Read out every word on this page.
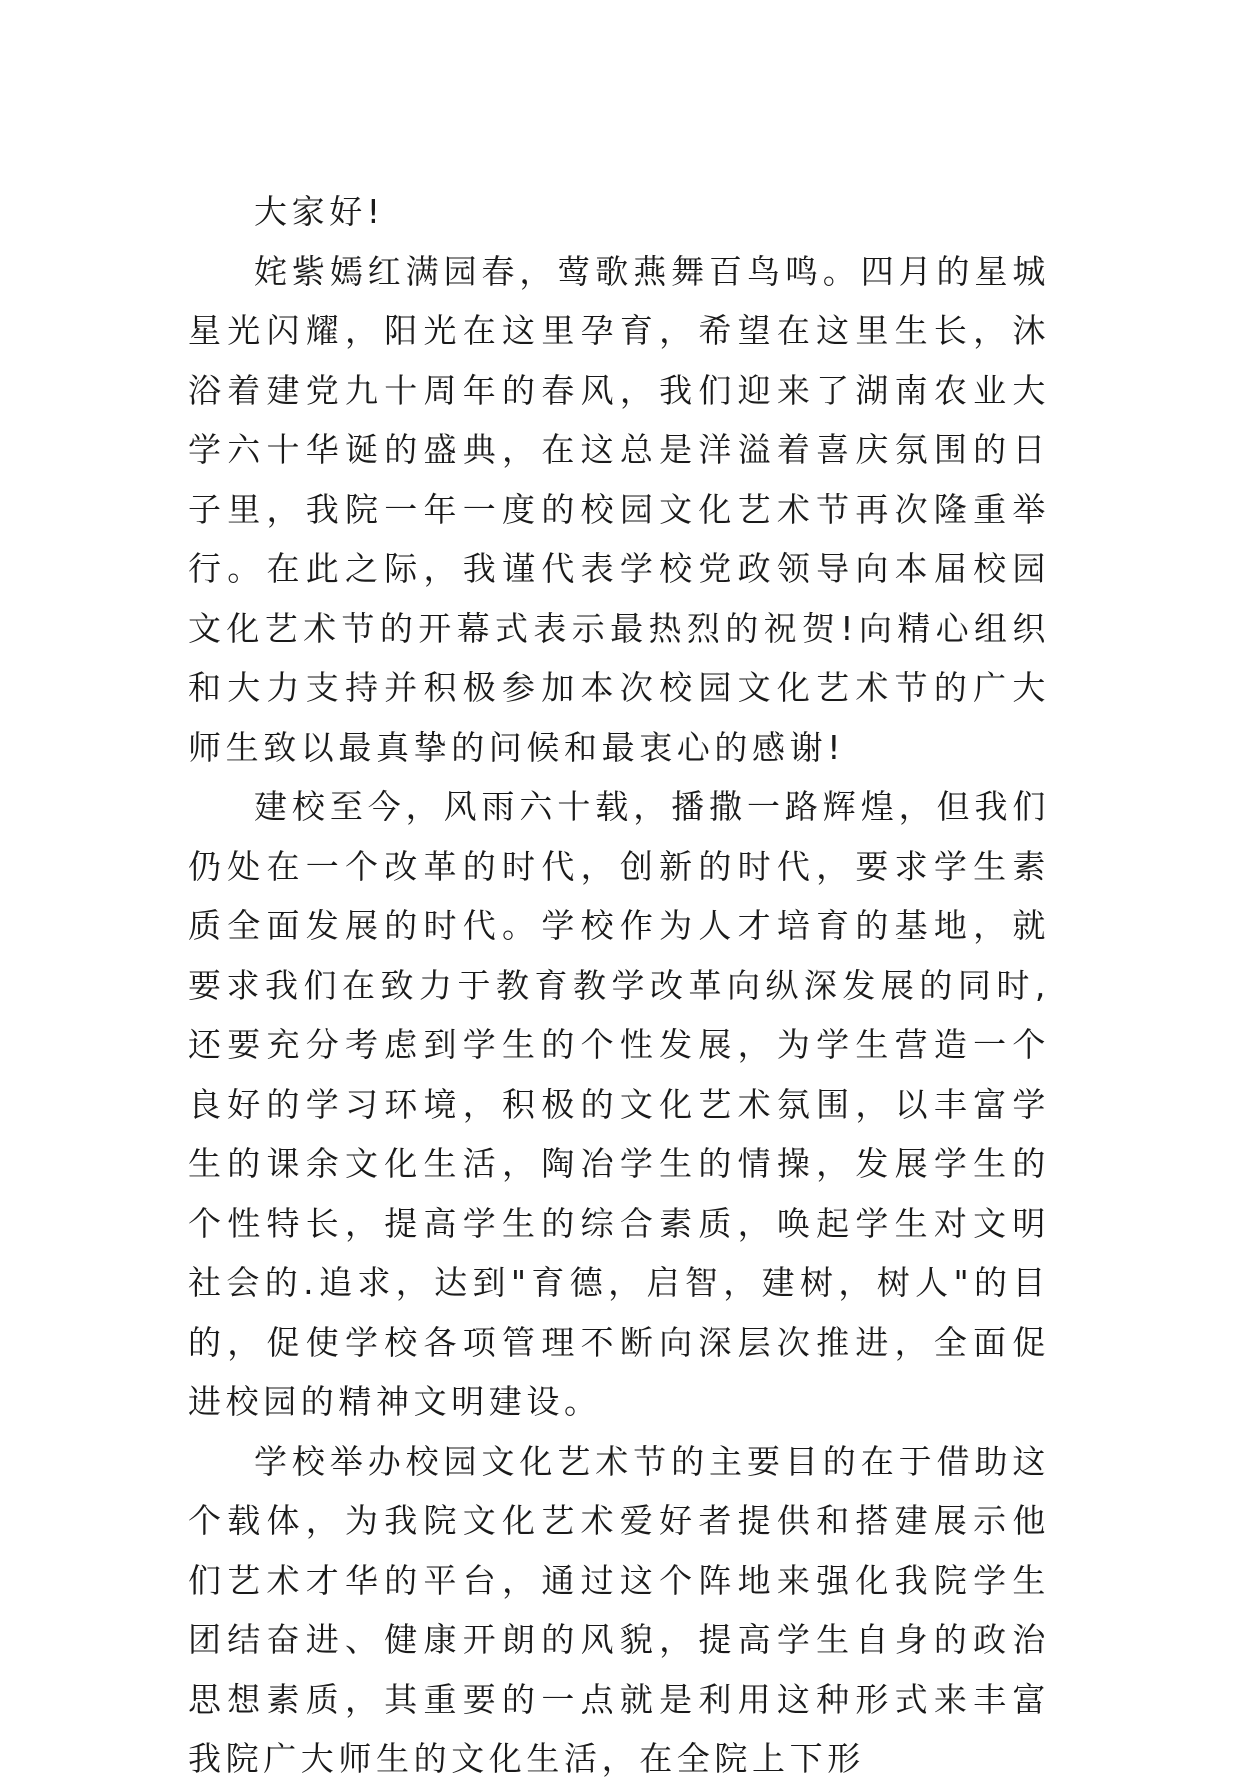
大家好!

姹紫嫣红满园春，莺歌燕舞百鸟鸣。四月的星城星光闪耀，阳光在这里孕育，希望在这里生长，沐浴着建党九十周年的春风，我们迎来了湖南农业大学六十华诞的盛典，在这总是洋溢着喜庆氛围的日子里，我院一年一度的校园文化艺术节再次隆重举行。在此之际，我谨代表学校党政领导向本届校园文化艺术节的开幕式表示最热烈的祝贺!向精心组织和大力支持并积极参加本次校园文化艺术节的广大师生致以最真挚的问候和最衷心的感谢!

建校至今，风雨六十载，播撒一路辉煌，但我们仍处在一个改革的时代，创新的时代，要求学生素质全面发展的时代。学校作为人才培育的基地，就要求我们在致力于教育教学改革向纵深发展的同时,还要充分考虑到学生的个性发展，为学生营造一个良好的学习环境，积极的文化艺术氛围，以丰富学生的课余文化生活，陶冶学生的情操，发展学生的个性特长，提高学生的综合素质，唤起学生对文明社会的.追求，达到"育德，启智，建树，树人"的目的，促使学校各项管理不断向深层次推进，全面促进校园的精神文明建设。

学校举办校园文化艺术节的主要目的在于借助这个载体，为我院文化艺术爱好者提供和搭建展示他们艺术才华的平台，通过这个阵地来强化我院学生团结奋进、健康开朗的风貌，提高学生自身的政治思想素质，其重要的一点就是利用这种形式来丰富我院广大师生的文化生活，在全院上下形
